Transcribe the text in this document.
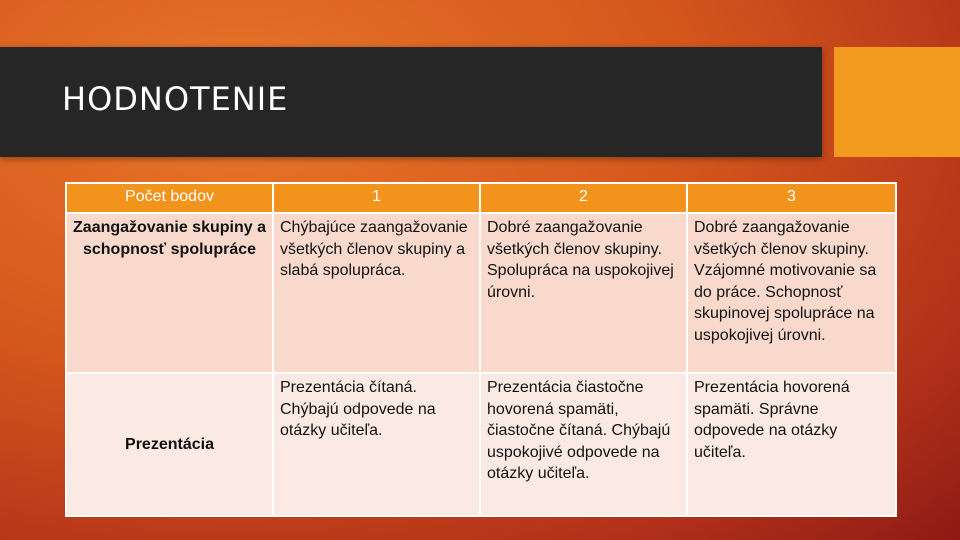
HODNOTENIE
Počet bodov	1	2	3
Zaangažovanie skupiny a schopnosť spolupráce	Chýbajúce zaangažovanie všetkých členov skupiny a slabá spolupráca.	Dobré zaangažovanie všetkých členov skupiny. Spolupráca na uspokojivej úrovni.	Dobré zaangažovanie všetkých členov skupiny. Vzájomné motivovanie sa do práce. Schopnosť skupinovej spolupráce na uspokojivej úrovni.
Prezentácia	Prezentácia čítaná. Chýbajú odpovede na otázky učiteľa.	Prezentácia čiastočne hovorená spamäti, čiastočne čítaná. Chýbajú uspokojivé odpovede na otázky učiteľa.	Prezentácia hovorená spamäti. Správne odpovede na otázky učiteľa.
